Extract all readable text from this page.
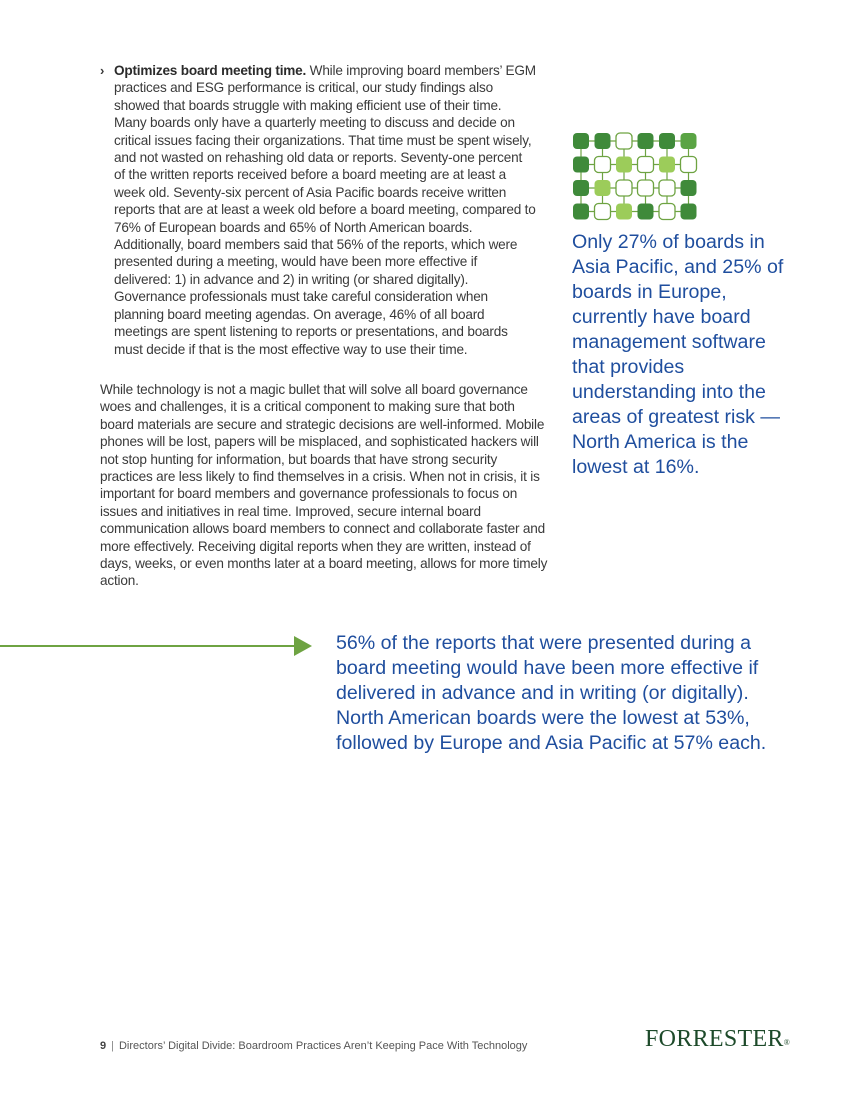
› Optimizes board meeting time. While improving board members’ EGM practices and ESG performance is critical, our study findings also showed that boards struggle with making efficient use of their time. Many boards only have a quarterly meeting to discuss and decide on critical issues facing their organizations. That time must be spent wisely, and not wasted on rehashing old data or reports. Seventy-one percent of the written reports received before a board meeting are at least a week old. Seventy-six percent of Asia Pacific boards receive written reports that are at least a week old before a board meeting, compared to 76% of European boards and 65% of North American boards. Additionally, board members said that 56% of the reports, which were presented during a meeting, would have been more effective if delivered: 1) in advance and 2) in writing (or shared digitally). Governance professionals must take careful consideration when planning board meeting agendas. On average, 46% of all board meetings are spent listening to reports or presentations, and boards must decide if that is the most effective way to use their time.

While technology is not a magic bullet that will solve all board governance woes and challenges, it is a critical component to making sure that both board materials are secure and strategic decisions are well-informed. Mobile phones will be lost, papers will be misplaced, and sophisticated hackers will not stop hunting for information, but boards that have strong security practices are less likely to find themselves in a crisis. When not in crisis, it is important for board members and governance professionals to focus on issues and initiatives in real time. Improved, secure internal board communication allows board members to connect and collaborate faster and more effectively. Receiving digital reports when they are written, instead of days, weeks, or even months later at a board meeting, allows for more timely action.

Only 27% of boards in Asia Pacific, and 25% of boards in Europe, currently have board management software that provides understanding into the areas of greatest risk — North America is the lowest at 16%.

56% of the reports that were presented during a board meeting would have been more effective if delivered in advance and in writing (or digitally). North American boards were the lowest at 53%, followed by Europe and Asia Pacific at 57% each.

9 | Directors’ Digital Divide: Boardroom Practices Aren’t Keeping Pace With Technology	FORRESTER®
